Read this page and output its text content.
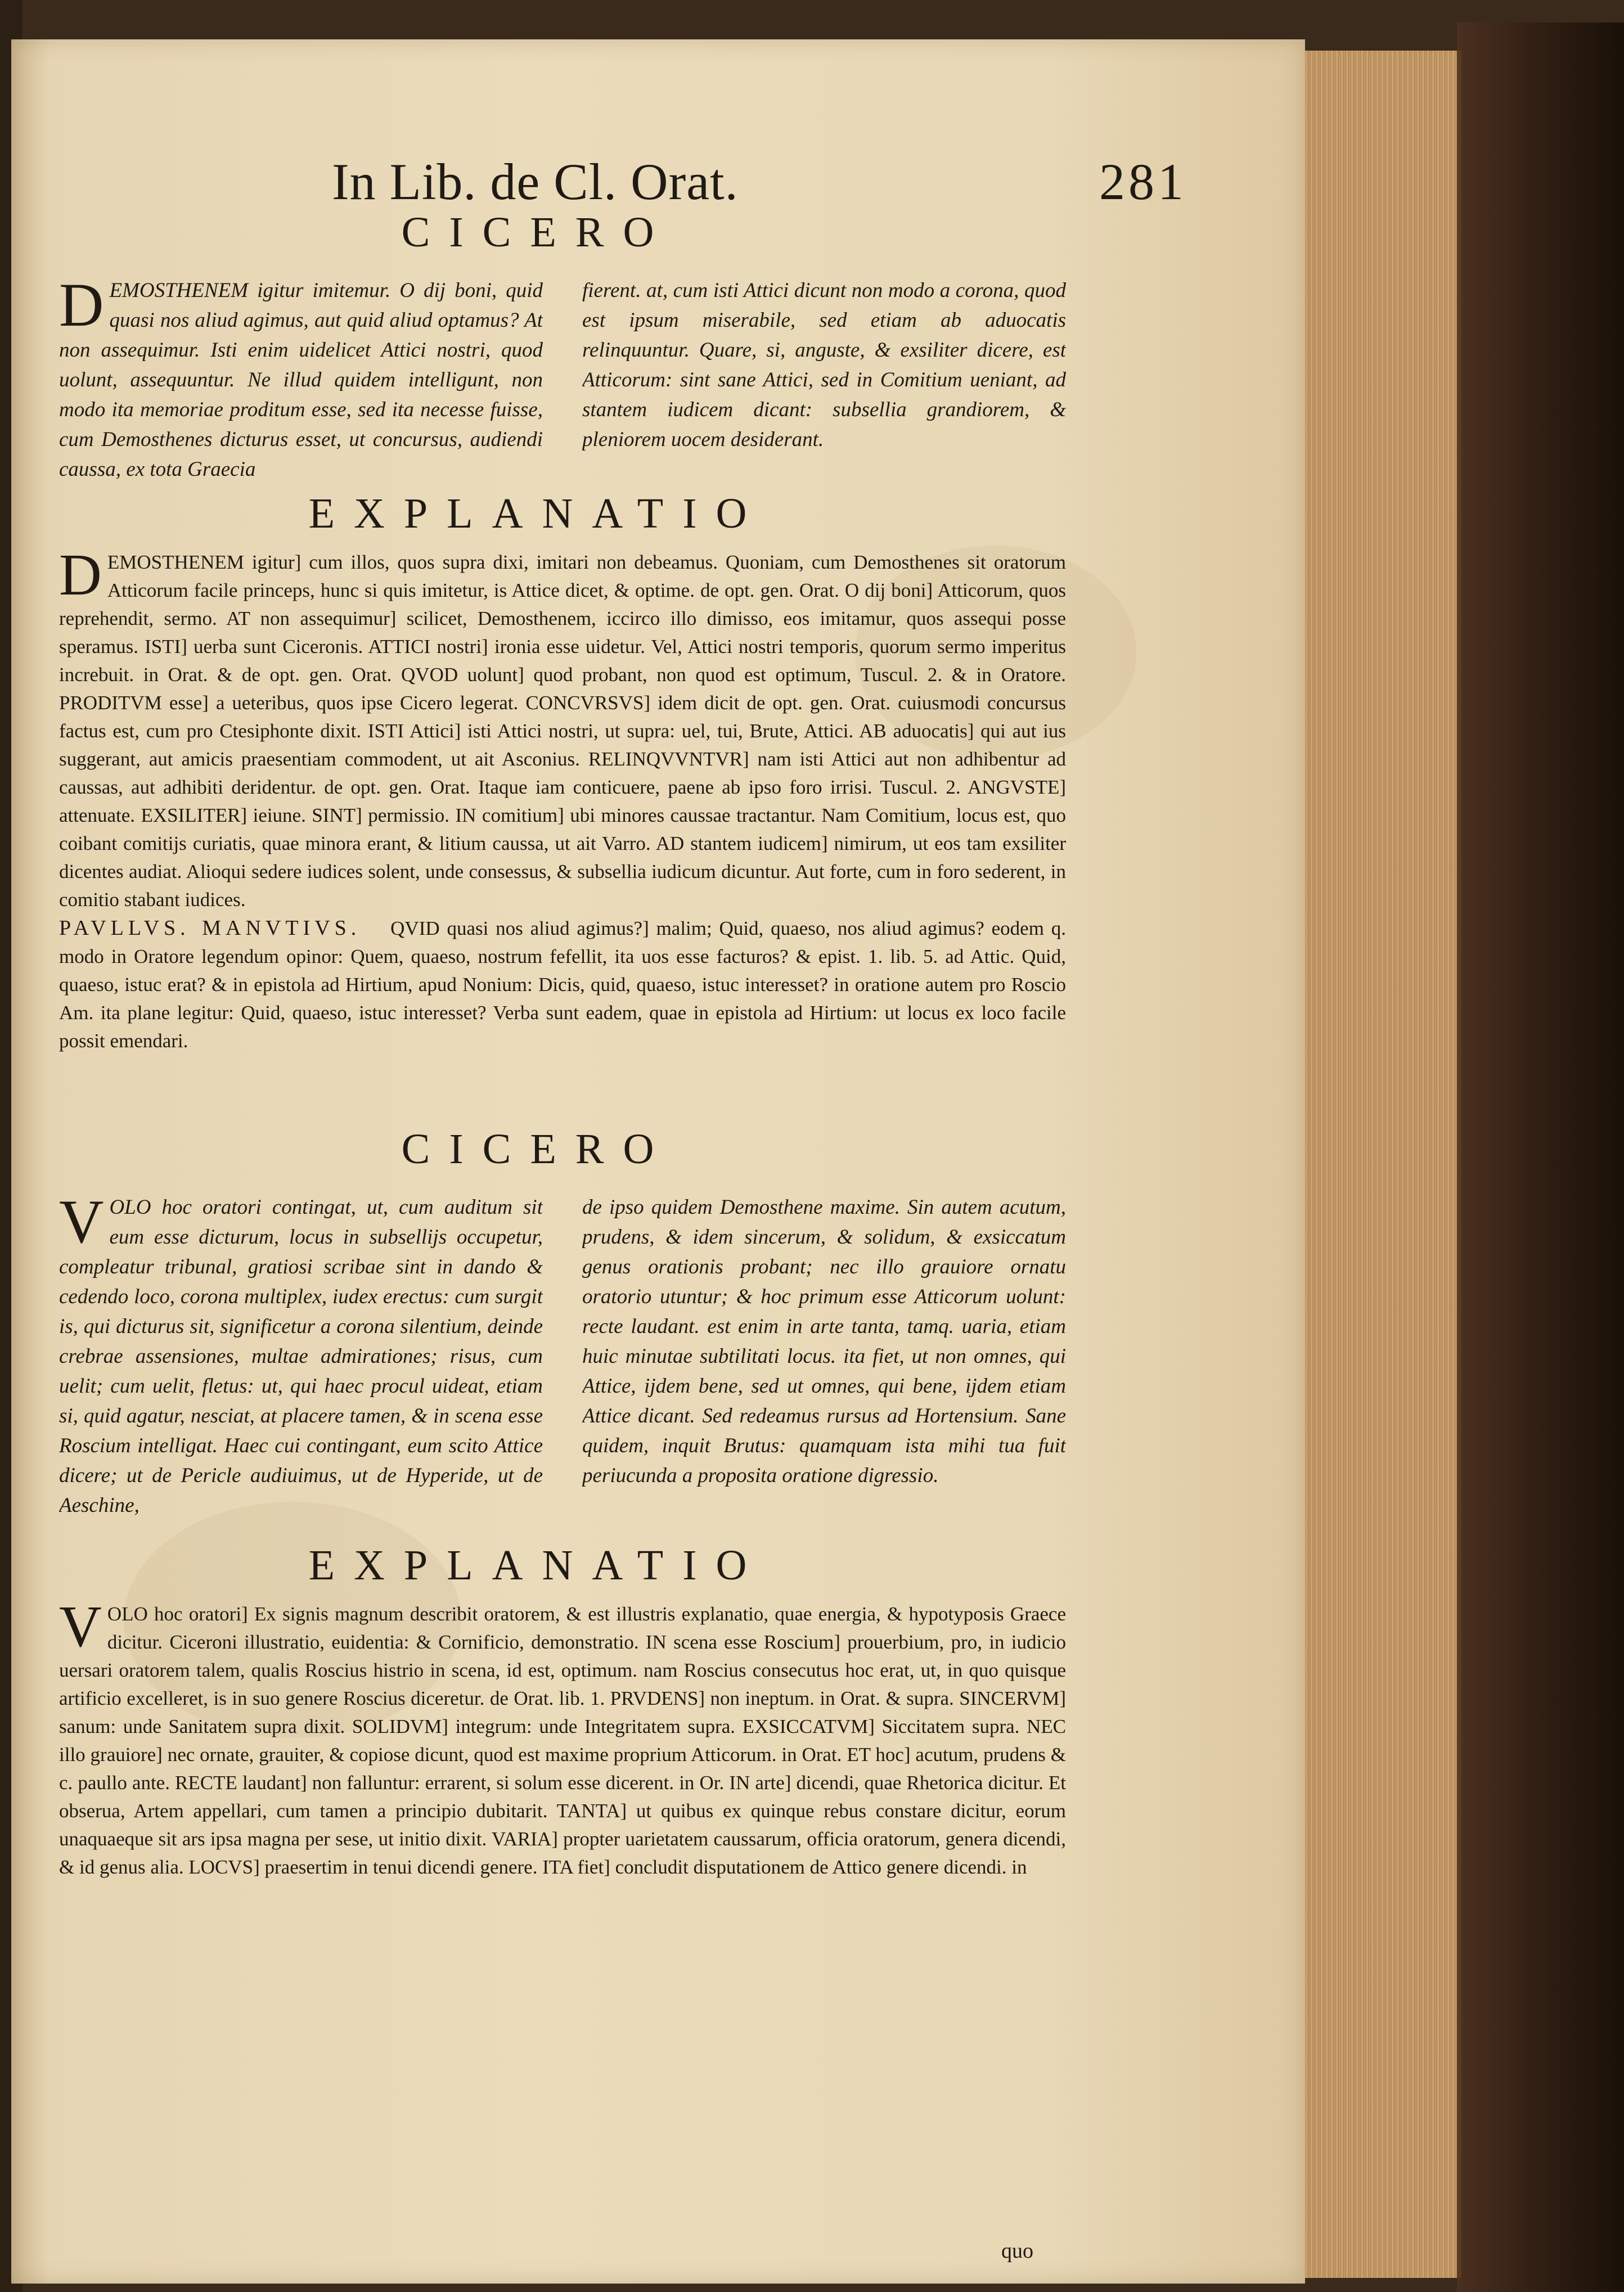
In Lib. de Cl. Orat.	281
CICERO
D EMOSTHENEM igitur imitemur. O dij boni, quid quasi nos aliud agimus, aut quid aliud optamus? At non assequimur. Isti enim uidelicet Attici nostri, quod uolunt, assequuntur. Ne illud quidem intelligunt, non modo ita memoriae proditum esse, sed ita necesse fuisse, cum Demosthenes dicturus esset, ut concursus, audiendi caussa, ex tota Graecia
fierent. at, cum isti Attici dicunt non modo a corona, quod est ipsum miserabile, sed etiam ab aduocatis relinquuntur. Quare, si, anguste, & exsiliter dicere, est Atticorum: sint sane Attici, sed in Comitium ueniant, ad stantem iudicem dicant: subsellia grandiorem, & pleniorem uocem desiderant.
EXPLANATIO

D EMOSTHENEM igitur] cum illos, quos supra dixi, imitari non debeamus. Quoniam, cum Demosthenes sit oratorum Atticorum facile princeps, hunc si quis imitetur, is Attice dicet, & optime. de opt. gen. Orat. O dij boni] Atticorum, quos reprehendit, sermo. AT non assequimur] scilicet, Demosthenem, iccirco illo dimisso, eos imitamur, quos assequi posse speramus. ISTI] uerba sunt Ciceronis. ATTICI nostri] ironia esse uidetur. Vel, Attici nostri temporis, quorum sermo imperitus increbuit. in Orat. & de opt. gen. Orat. QVOD uolunt] quod probant, non quod est optimum, Tuscul. 2. & in Oratore. PRODITVM esse] a ueteribus, quos ipse Cicero legerat. CONCVRSVS] idem dicit de opt. gen. Orat. cuiusmodi concursus factus est, cum pro Ctesiphonte dixit. ISTI Attici] isti Attici nostri, ut supra: uel, tui, Brute, Attici. AB aduocatis] qui aut ius suggerant, aut amicis praesentiam commodent, ut ait Asconius. RELINQVVNTVR] nam isti Attici aut non adhibentur ad caussas, aut adhibiti deridentur. de opt. gen. Orat. Itaque iam conticuere, paene ab ipso foro irrisi. Tuscul. 2. ANGVSTE] attenuate. EXSILITER] ieiune. SINT] permissio. IN comitium] ubi minores caussae tractantur. Nam Comitium, locus est, quo coibant comitijs curiatis, quae minora erant, & litium caussa, ut ait Varro. AD stantem iudicem] nimirum, ut eos tam exsiliter dicentes audiat. Alioqui sedere iudices solent, unde consessus, & subsellia iudicum dicuntur. Aut forte, cum in foro sederent, in comitio stabant iudices.

PAVLLVS. MANVTIVS. QVID quasi nos aliud agimus?] malim; Quid, quaeso, nos aliud agimus? eodem q. modo in Oratore legendum opinor: Quem, quaeso, nostrum fefellit, ita uos esse facturos? & epist. 1. lib. 5. ad Attic. Quid, quaeso, istuc erat? & in epistola ad Hirtium, apud Nonium: Dicis, quid, quaeso, istuc interesset? in oratione autem pro Roscio Am. ita plane legitur: Quid, quaeso, istuc interesset? Verba sunt eadem, quae in epistola ad Hirtium: ut locus ex loco facile possit emendari.

CICERO
V OLO hoc oratori contingat, ut, cum auditum sit eum esse dicturum, locus in subsellijs occupetur, compleatur tribunal, gratiosi scribae sint in dando & cedendo loco, corona multiplex, iudex erectus: cum surgit is, qui dicturus sit, significetur a corona silentium, deinde crebrae assensiones, multae admirationes; risus, cum uelit; cum uelit, fletus: ut, qui haec procul uideat, etiam si, quid agatur, nesciat, at placere tamen, & in scena esse Roscium intelligat. Haec cui contingant, eum scito Attice dicere; ut de Pericle audiuimus, ut de Hyperide, ut de Aeschine,
de ipso quidem Demosthene maxime. Sin autem acutum, prudens, & idem sincerum, & solidum, & exsiccatum genus orationis probant; nec illo grauiore ornatu oratorio utuntur; & hoc primum esse Atticorum uolunt: recte laudant. est enim in arte tanta, tamq. uaria, etiam huic minutae subtilitati locus. ita fiet, ut non omnes, qui Attice, ijdem bene, sed ut omnes, qui bene, ijdem etiam Attice dicant. Sed redeamus rursus ad Hortensium. Sane quidem, inquit Brutus: quamquam ista mihi tua fuit periucunda a proposita oratione digressio.
EXPLANATIO

V OLO hoc oratori] Ex signis magnum describit oratorem, & est illustris explanatio, quae energia, & hypotyposis Graece dicitur. Ciceroni illustratio, euidentia: & Cornificio, demonstratio. IN scena esse Roscium] prouerbium, pro, in iudicio uersari oratorem talem, qualis Roscius histrio in scena, id est, optimum. nam Roscius consecutus hoc erat, ut, in quo quisque artificio excelleret, is in suo genere Roscius diceretur. de Orat. lib. 1. PRVDENS] non ineptum. in Orat. & supra. SINCERVM] sanum: unde Sanitatem supra dixit. SOLIDVM] integrum: unde Integritatem supra. EXSICCATVM] Siccitatem supra. NEC illo grauiore] nec ornate, grauiter, & copiose dicunt, quod est maxime proprium Atticorum. in Orat. ET hoc] acutum, prudens & c. paullo ante. RECTE laudant] non falluntur: errarent, si solum esse dicerent. in Or. IN arte] dicendi, quae Rhetorica dicitur. Et obserua, Artem appellari, cum tamen a principio dubitarit. TANTA] ut quibus ex quinque rebus constare dicitur, eorum unaquaeque sit ars ipsa magna per sese, ut initio dixit. VARIA] propter uarietatem caussarum, officia oratorum, genera dicendi, & id genus alia. LOCVS] praesertim in tenui dicendi genere. ITA fiet] concludit disputationem de Attico genere dicendi. in

quo
